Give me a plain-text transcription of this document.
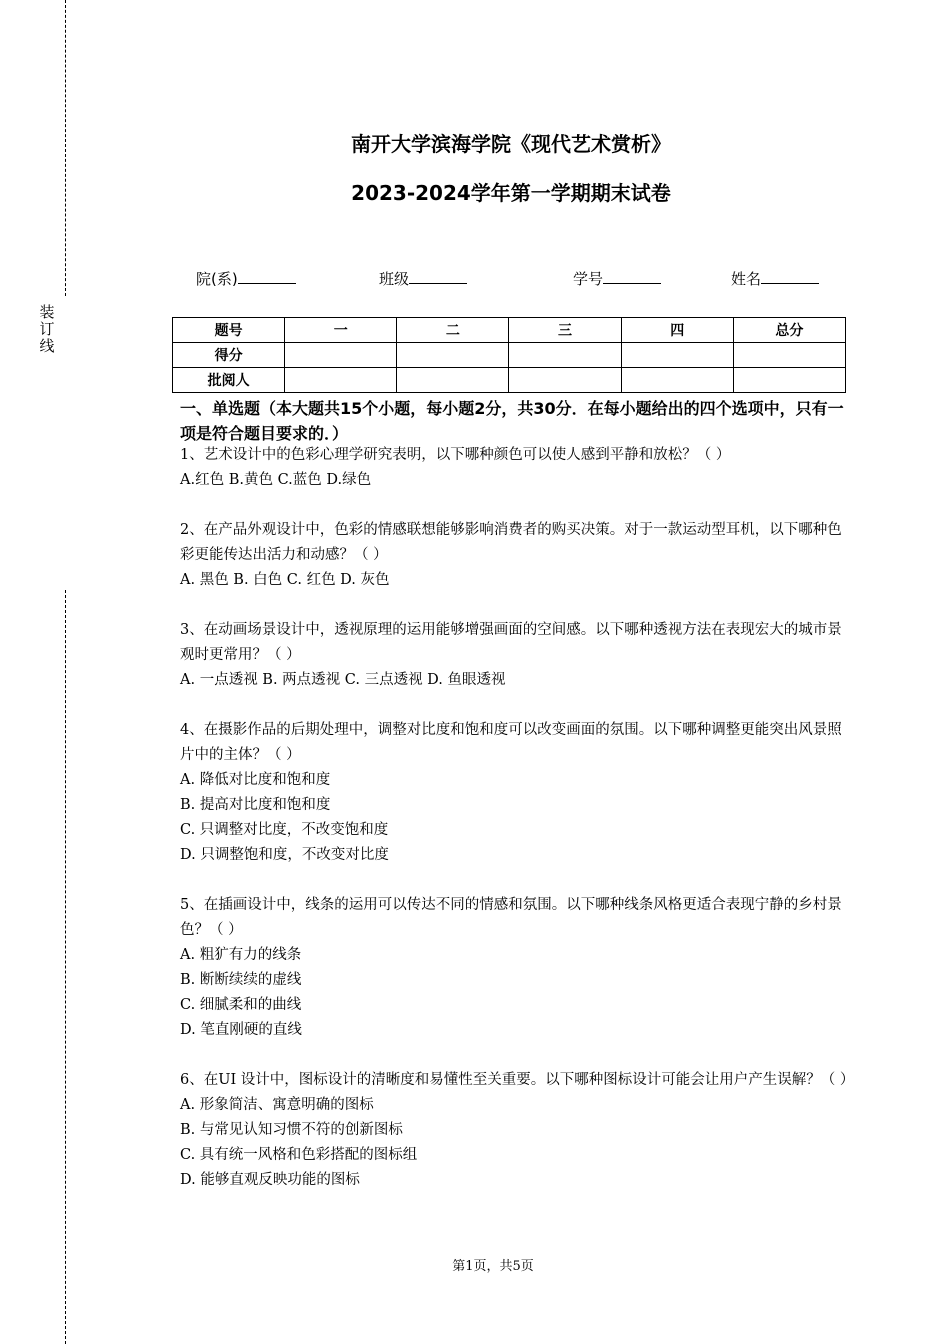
装
订
线
南开大学滨海学院《现代艺术赏析》
2023-2024学年第一学期期末试卷
院(系)	班级	学号	姓名
题号	一	二	三	四	总分
得分					
批阅人					
一、单选题（本大题共15个小题，每小题2分，共30分．在每小题给出的四个选项中，只有一项是符合题目要求的．）

1、艺术设计中的色彩心理学研究表明，以下哪种颜色可以使人感到平静和放松？（ ）

A.红色 B.黄色 C.蓝色 D.绿色

2、在产品外观设计中，色彩的情感联想能够影响消费者的购买决策。对于一款运动型耳机，以下哪种色彩更能传达出活力和动感？（ ）

A. 黑色 B. 白色 C. 红色 D. 灰色

3、在动画场景设计中，透视原理的运用能够增强画面的空间感。以下哪种透视方法在表现宏大的城市景观时更常用？（ ）

A. 一点透视 B. 两点透视 C. 三点透视 D. 鱼眼透视

4、在摄影作品的后期处理中，调整对比度和饱和度可以改变画面的氛围。以下哪种调整更能突出风景照片中的主体？（ ）

A. 降低对比度和饱和度

B. 提高对比度和饱和度

C. 只调整对比度，不改变饱和度

D. 只调整饱和度，不改变对比度

5、在插画设计中，线条的运用可以传达不同的情感和氛围。以下哪种线条风格更适合表现宁静的乡村景色？（ ）

A. 粗犷有力的线条

B. 断断续续的虚线

C. 细腻柔和的曲线

D. 笔直刚硬的直线

6、在UI 设计中，图标设计的清晰度和易懂性至关重要。以下哪种图标设计可能会让用户产生误解？（ ）

A. 形象简洁、寓意明确的图标

B. 与常见认知习惯不符的创新图标

C. 具有统一风格和色彩搭配的图标组

D. 能够直观反映功能的图标

第1页，共5页
